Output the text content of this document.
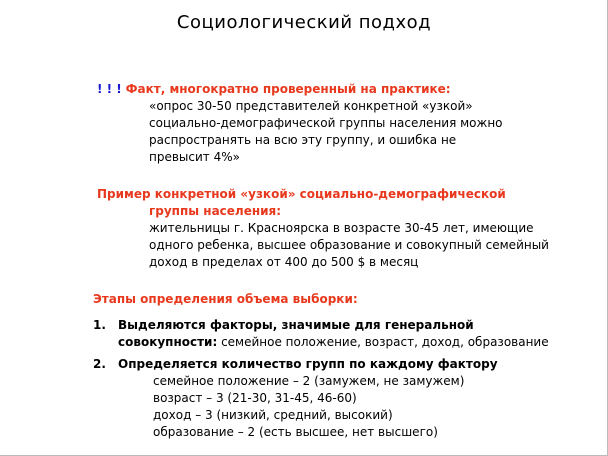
Социологический подход
! ! ! Факт, многократно проверенный на практике:
«опрос 30-50 представителей конкретной «узкой»
социально-демографической группы населения можно
распространять на всю эту группу, и ошибка не
превысит 4%»
Пример конкретной «узкой» социально-демографической
группы населения:
жительницы г. Красноярска в возрасте 30-45 лет, имеющие
одного ребенка, высшее образование и совокупный семейный
доход в пределах от 400 до 500 $ в месяц
Этапы определения объема выборки:
1. Выделяются факторы, значимые для генеральной
совокупности: семейное положение, возраст, доход, образование
2. Определяется количество групп по каждому фактору
семейное положение – 2 (замужем, не замужем)
возраст – 3 (21-30, 31-45, 46-60)
доход – 3 (низкий, средний, высокий)
образование – 2 (есть высшее, нет высшего)
